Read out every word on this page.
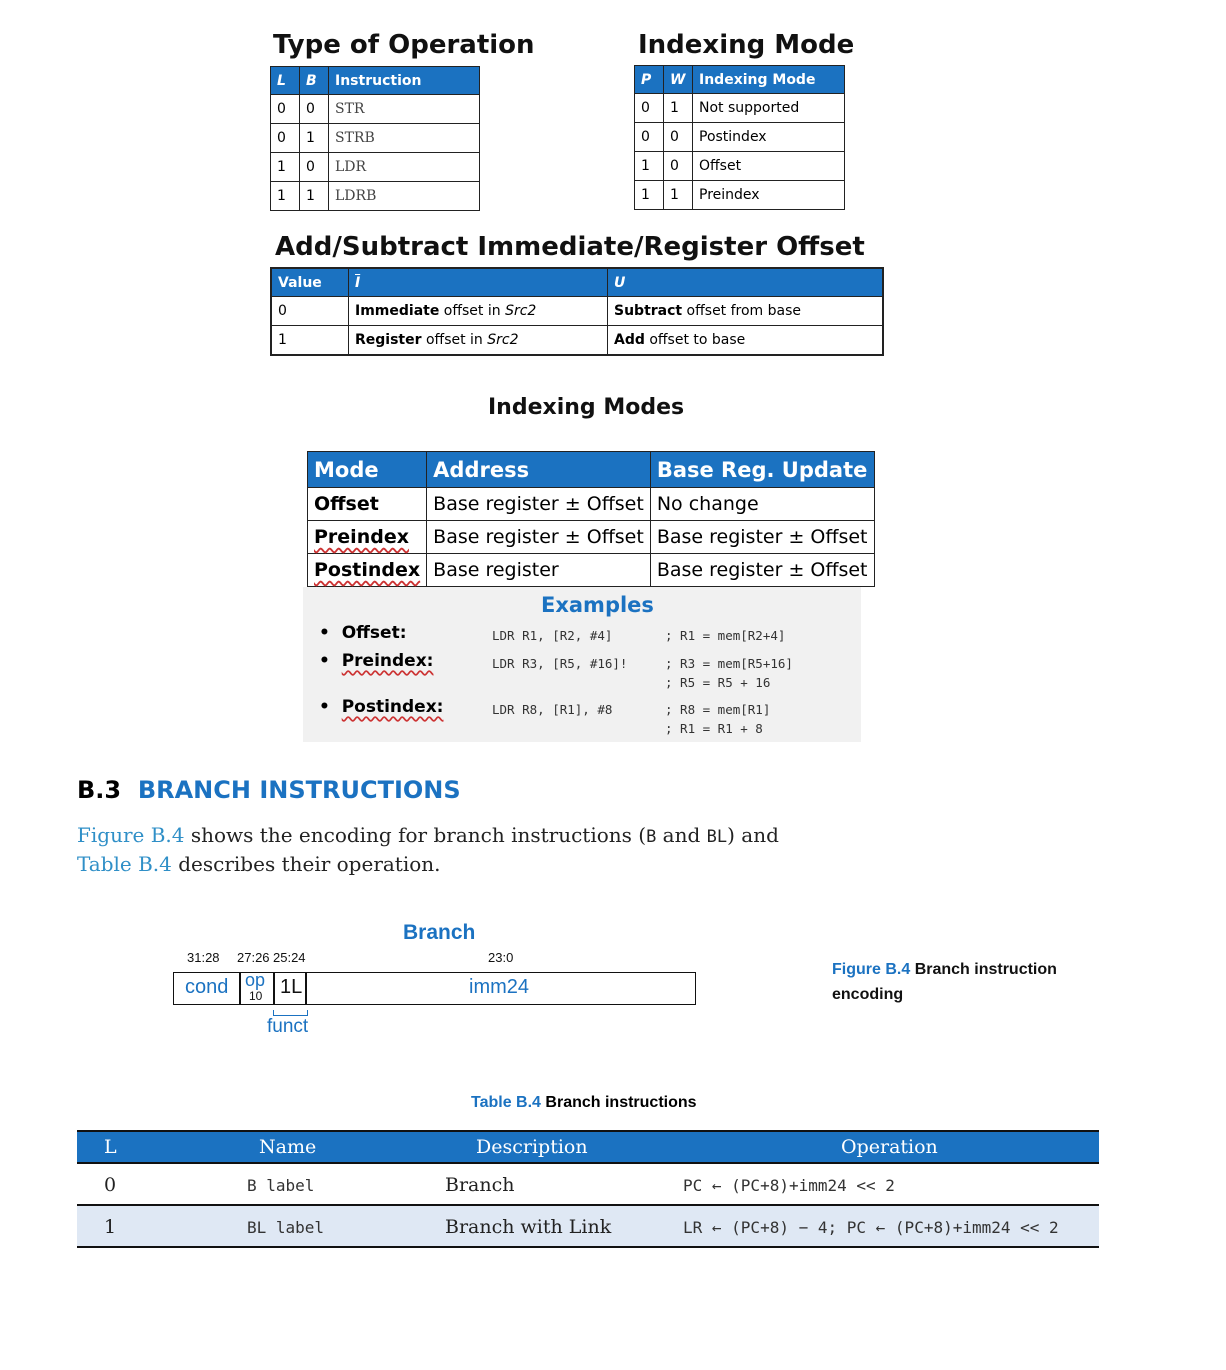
Type of Operation
L	B	Instruction
0	0	STR
0	1	STRB
1	0	LDR
1	1	LDRB
Indexing Mode
P	W	Indexing Mode
0	1	Not supported
0	0	Postindex
1	0	Offset
1	1	Preindex
Add/Subtract Immediate/Register Offset
Value	$\overline{I}$	U
0	Immediate offset in Src2	Subtract offset from base
1	Register offset in Src2	Add offset to base
Indexing Modes
Mode	Address	Base Reg. Update
Offset	Base register ± Offset	No change
Preindex	Base register ± Offset	Base register ± Offset
Postindex	Base register	Base register ± Offset
Examples
•  Offset:	LDR R1, [R2, #4]	; R1 = mem[R2+4]
•  Preindex:	LDR R3, [R5, #16]!	; R3 = mem[R5+16]
; R5 = R5 + 16
•  Postindex:	LDR R8, [R1], #8	; R8 = mem[R1]
; R1 = R1 + 8
B.3 BRANCH INSTRUCTIONS
Figure B.4 shows the encoding for branch instructions (B and BL) and
Table B.4 describes their operation.
Branch
31:28 27:26 25:24	23:0
cond op
10 1L	imm24
funct
Figure B.4 Branch instruction encoding
Table B.4 Branch instructions
L	Name	Description	Operation
0	B label	Branch	PC ← (PC+8)+imm24 << 2
1	BL label	Branch with Link	LR ← (PC+8) − 4; PC ← (PC+8)+imm24 << 2
